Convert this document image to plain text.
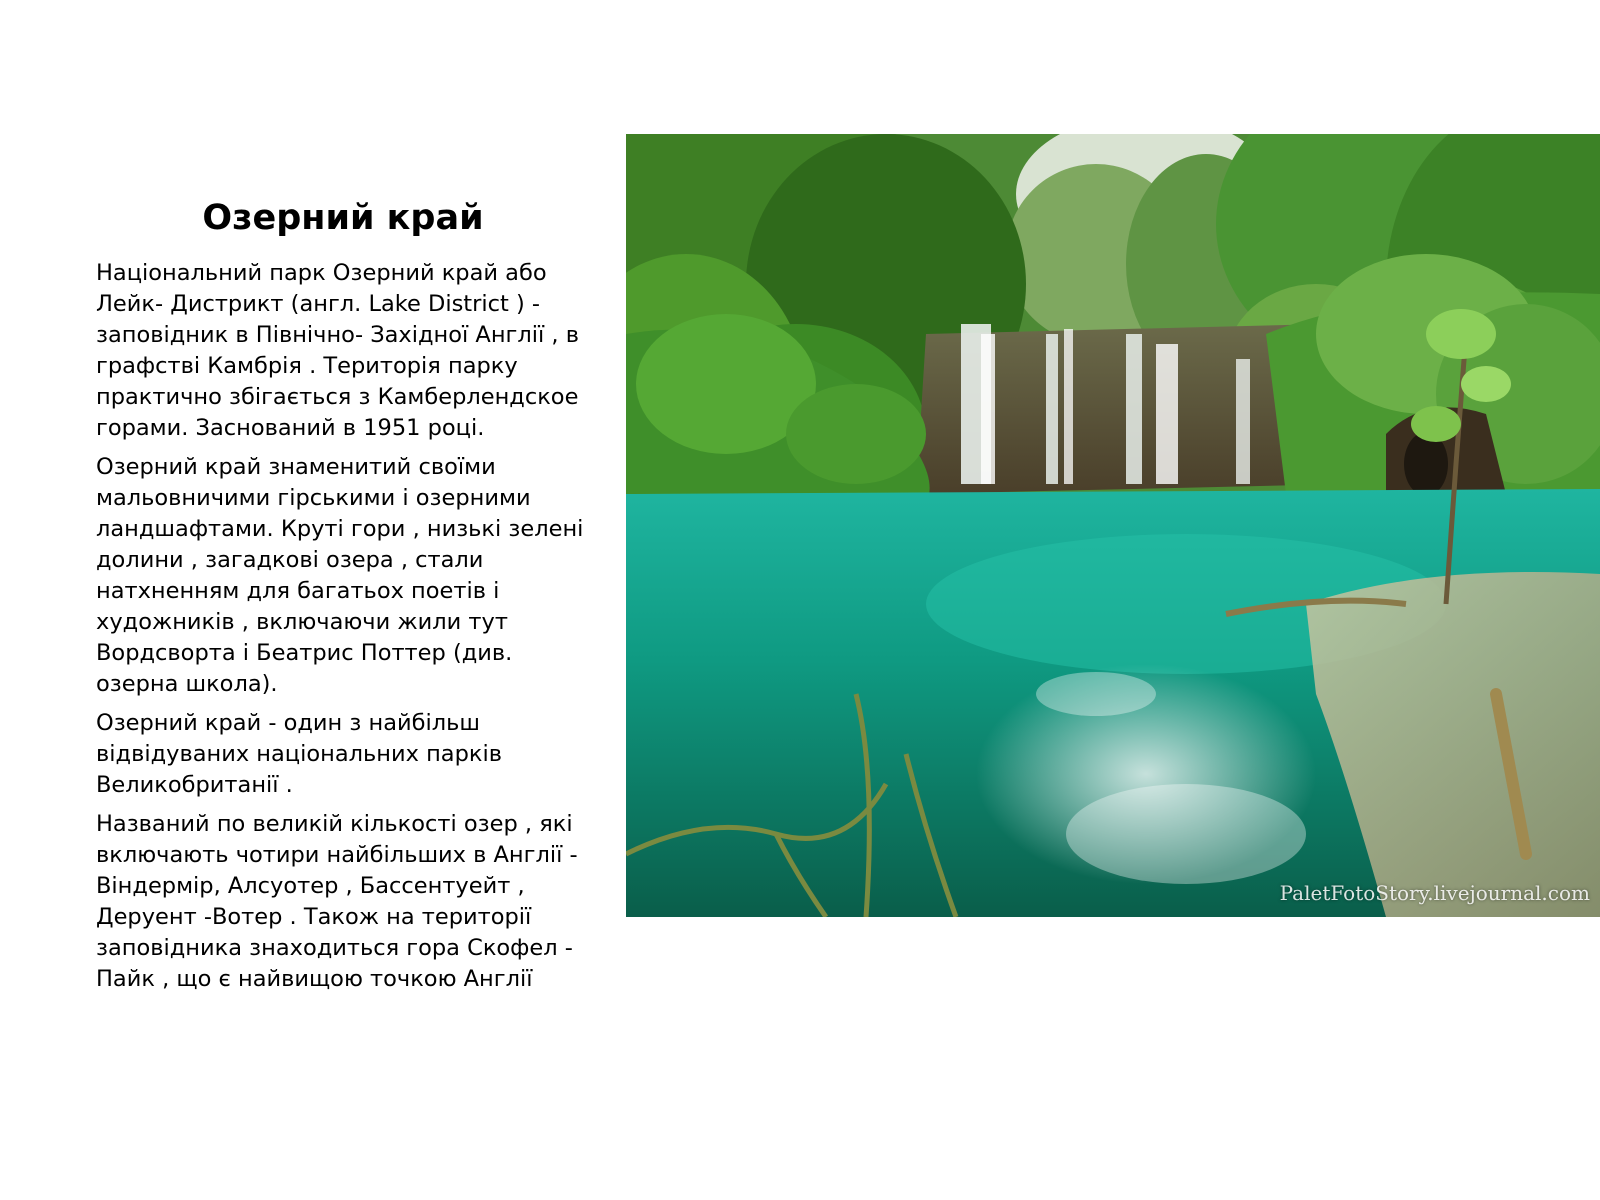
Озерний край

Національний парк Озерний край або Лейк- Дистрикт (англ. Lake District ) - заповідник в Північно- Західної Англії , в графстві Камбрія . Територія парку практично збігається з Камберлендское горами. Заснований в 1951 році.

Озерний край знаменитий своїми мальовничими гірськими і озерними ландшафтами. Круті гори , низькі зелені долини , загадкові озера , стали натхненням для багатьох поетів і художників , включаючи жили тут Вордсворта і Беатрис Поттер (див. озерна школа).

Озерний край - один з найбільш відвідуваних національних парків Великобританії .

Названий по великій кількості озер , які включають чотири найбільших в Англії - Віндермір, Алсуотер , Бассентуейт , Деруент -Вотер . Також на території заповідника знаходиться гора Скофел - Пайк , що є найвищою точкою Англії

PaletFotoStory.livejournal.com
